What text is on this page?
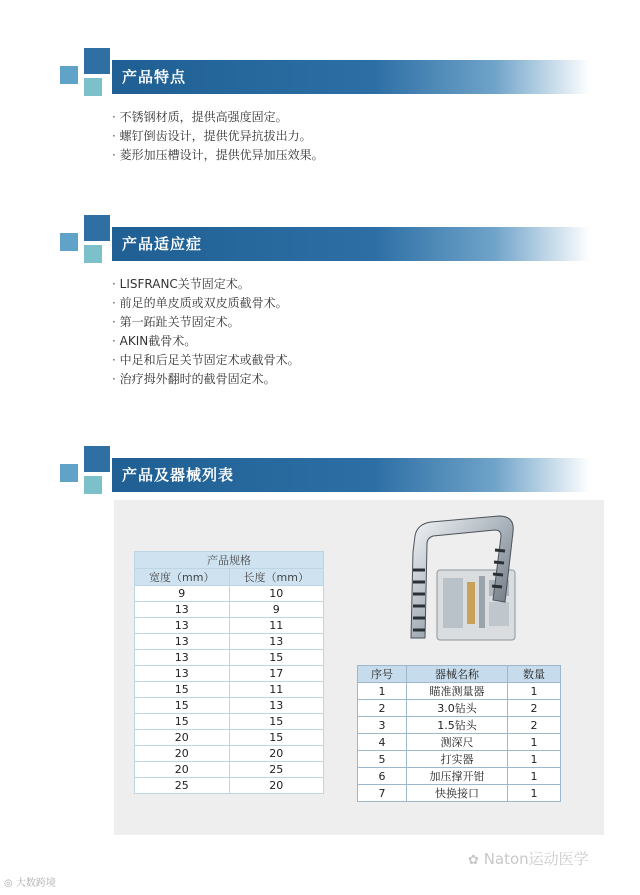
产品特点
· 不锈钢材质，提供高强度固定。
· 螺钉倒齿设计，提供优异抗拔出力。
· 菱形加压槽设计，提供优异加压效果。
产品适应症
· LISFRANC关节固定术。
· 前足的单皮质或双皮质截骨术。
· 第一跖趾关节固定术。
· AKIN截骨术。
· 中足和后足关节固定术或截骨术。
· 治疗拇外翻时的截骨固定术。
产品及器械列表
产品规格	
宽度（mm）	长度（mm）
9	10
13	9
13	11
13	13
13	15
13	17
15	11
15	13
15	15
20	15
20	20
20	25
25	20
序号	器械名称	数量
1	瞄准测量器	1
2	3.0钻头	2
3	1.5钻头	2
4	测深尺	1
5	打实器	1
6	加压撑开钳	1
7	快换接口	1
✿ Naton运动医学
◎ 大数跨境
